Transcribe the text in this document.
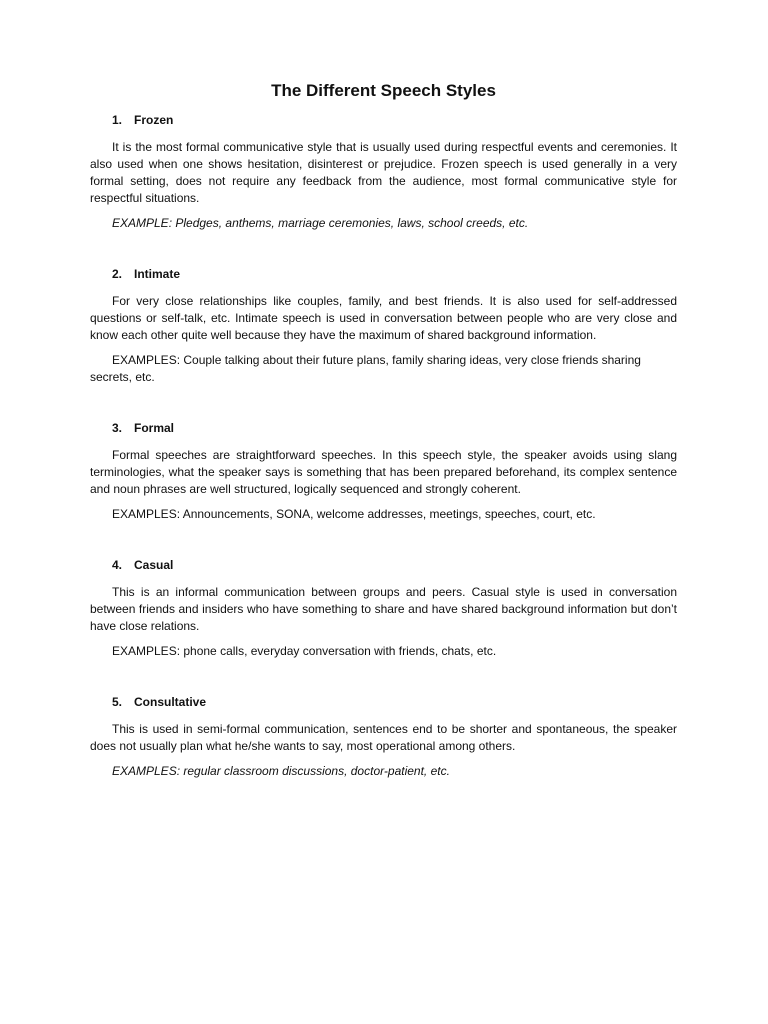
The Different Speech Styles
1. Frozen

It is the most formal communicative style that is usually used during respectful events and ceremonies. It also used when one shows hesitation, disinterest or prejudice. Frozen speech is used generally in a very formal setting, does not require any feedback from the audience, most formal communicative style for respectful situations.

EXAMPLE: Pledges, anthems, marriage ceremonies, laws, school creeds, etc.

2. Intimate

For very close relationships like couples, family, and best friends. It is also used for self-addressed questions or self-talk, etc. Intimate speech is used in conversation between people who are very close and know each other quite well because they have the maximum of shared background information.

EXAMPLES: Couple talking about their future plans, family sharing ideas, very close friends sharing secrets, etc.

3. Formal

Formal speeches are straightforward speeches. In this speech style, the speaker avoids using slang terminologies, what the speaker says is something that has been prepared beforehand, its complex sentence and noun phrases are well structured, logically sequenced and strongly coherent.

EXAMPLES: Announcements, SONA, welcome addresses, meetings, speeches, court, etc.

4. Casual

This is an informal communication between groups and peers. Casual style is used in conversation between friends and insiders who have something to share and have shared background information but don’t have close relations.

EXAMPLES: phone calls, everyday conversation with friends, chats, etc.

5. Consultative

This is used in semi-formal communication, sentences end to be shorter and spontaneous, the speaker does not usually plan what he/she wants to say, most operational among others.

EXAMPLES: regular classroom discussions, doctor-patient, etc.
